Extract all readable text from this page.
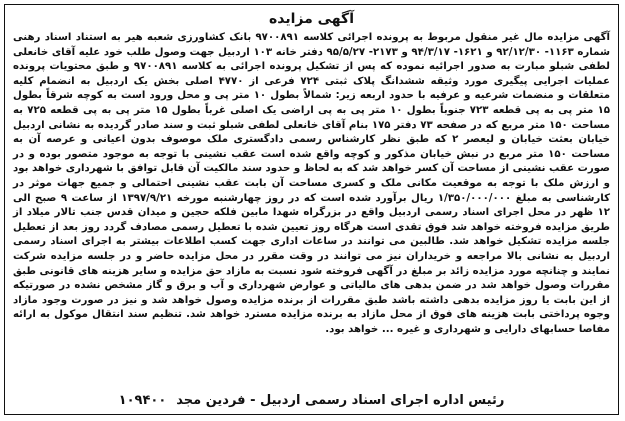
آگهی مزایده

آگهی مزایده مال غیر منقول مربوط به پرونده اجرائی کلاسه ۹۷۰۰۸۹۱ بانک کشاورزی شعبه هیر به استناد اسناد رهنی شماره ۱۱۶۳- ۹۲/۱۲/۳۰ و ۱۶۲۱- ۹۴/۳/۱۷ و ۲۱۷۳- ۹۵/۵/۲۷ دفتر خانه ۱۰۳ اردبیل جهت وصول طلب خود علیه آقای خانعلی لطفی شبلو مبارت به صدور اجرائیه نموده که پس از تشکیل پرونده اجرائی به کلاسه ۹۷۰۰۸۹۱ و طبق محتویات پرونده عملیات اجرایی پیگیری مورد وثیقه ششدانگ پلاک ثبتی ۷۲۴ فرعی از ۴۷۷۰ اصلی بخش یک اردبیل به انضمام کلیه متعلقات و منضمات شرعیه و عرفیه با حدود اربعه زیر: شمالاً بطول ۱۰ متر پی و محل ورود است به کوچه شرقاً بطول ۱۵ متر پی به پی قطعه ۷۲۳ جنوباً بطول ۱۰ متر پی به پی اراضی یک اصلی غرباً بطول ۱۵ متر پی به پی قطعه ۷۲۵ به مساحت ۱۵۰ متر مربع که در صفحه ۷۳ دفتر ۱۷۵ بنام آقای خانعلی لطفی شبلو ثبت و سند صادر گردیده به نشانی اردبیل خیابان بعثت خیابان و لیعصر ۲ که طبق نظر کارشناس رسمی دادگستری ملک موصوف بدون اعیانی و عرصه آن به مساحت ۱۵۰ متر مربع در نبش خیابان مذکور و کوچه واقع شده است عقب نشینی با توجه به موجود متصور بوده و در صورت عقب نشینی از مساحت آن کسر خواهد شد که به لحاظ و حدود سند مالکیت آن قابل توافق با شهرداری خواهد بود و ارزش ملک با توجه به موقعیت مکانی ملک و کسری مساحت آن بابت عقب نشینی احتمالی و جمیع جهات موثر در کارشناسی به مبلغ ۱/۳۵۰/۰۰۰/۰۰۰ ریال برآورد شده است که در روز چهارشنبه مورخه ۱۳۹۷/۹/۲۱ از ساعت ۹ صبح الی ۱۲ ظهر در محل اجرای اسناد رسمی اردبیل واقع در بزرگراه شهدا مابین فلکه حجین و میدان قدس جنب تالار میلاد از طریق مزایده فروخته خواهد شد فوق تقدی است هرگاه روز تعیین شده با تعطیل رسمی مصادف گردد روز بعد از تعطیل جلسه مزایده تشکیل خواهد شد. طالبین می توانند در ساعات اداری جهت کسب اطلاعات بیشتر به اجرای اسناد رسمی اردبیل به نشانی بالا مراجعه و خریداران نیز می توانند در وقت مقرر در محل مزایده حاضر و در جلسه مزایده شرکت نمایند و چنانچه مورد مزایده زائد بر مبلغ در آگهی فروخته شود نسبت به مازاد حق مزایده و سایر هزینه های قانونی طبق مقررات وصول خواهد شد در ضمن بدهی های مالیاتی و عوارض شهرداری و آب و برق و گاز مشخص نشده در صورتیکه از این بابت یا روز مزایده بدهی داشته باشد طبق مقررات از برنده مزایده وصول خواهد شد و نیز در صورت وجود مازاد وجوه پرداختی بابت هزینه های فوق از محل مازاد به برنده مزایده مسترد خواهد شد. تنظیم سند انتقال موکول به ارائه مفاصا حسابهای دارایی و شهرداری و غیره ... خواهد بود.

رئیس اداره اجرای اسناد رسمی اردبیل - فردین مجد
۱۰۹۴۰۰
